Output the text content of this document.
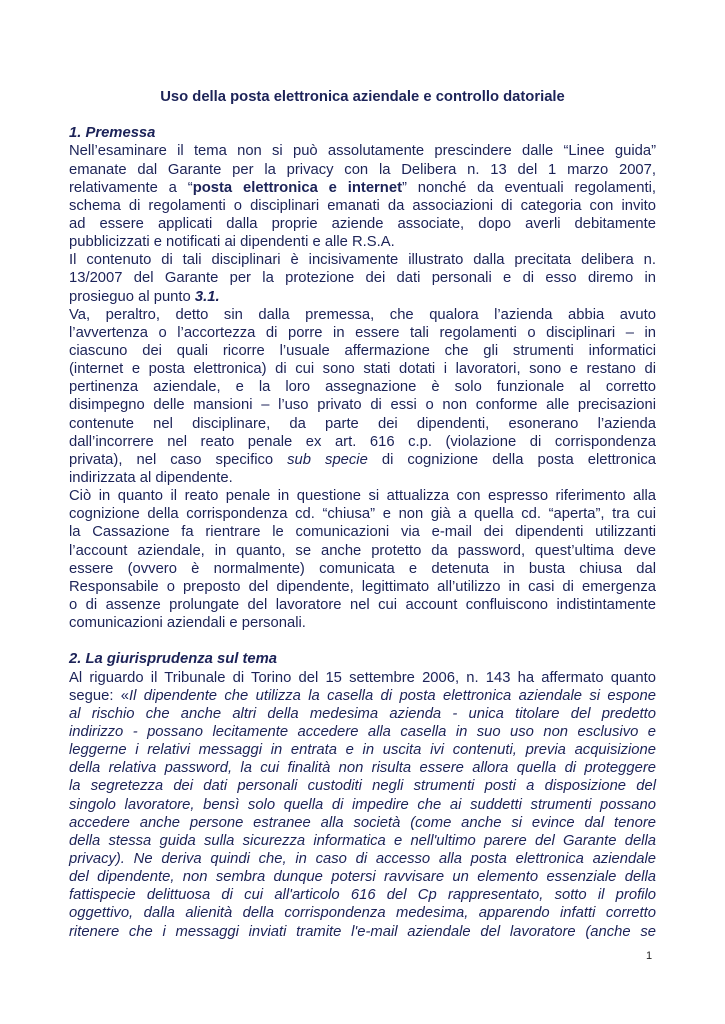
Uso della posta elettronica aziendale e controllo datoriale
1. Premessa
Nell’esaminare il tema non si può assolutamente prescindere dalle “Linee guida”
emanate dal Garante per la privacy con la Delibera n. 13 del 1 marzo 2007,
relativamente a “posta elettronica e internet” nonché da eventuali regolamenti,
schema di regolamenti o disciplinari emanati da associazioni di categoria con invito
ad essere applicati dalla proprie aziende associate, dopo averli debitamente
pubblicizzati e notificati ai dipendenti e alle R.S.A.
Il contenuto di tali disciplinari è incisivamente illustrato dalla precitata delibera n.
13/2007 del Garante per la protezione dei dati personali e di esso diremo in
prosieguo al punto 3.1.
Va, peraltro, detto sin dalla premessa, che qualora l’azienda abbia avuto
l’avvertenza o l’accortezza di porre in essere tali regolamenti o disciplinari – in
ciascuno dei quali ricorre l’usuale affermazione che gli strumenti informatici
(internet e posta elettronica) di cui sono stati dotati i lavoratori, sono e restano di
pertinenza aziendale, e la loro assegnazione è solo funzionale al corretto
disimpegno delle mansioni – l’uso privato di essi o non conforme alle precisazioni
contenute nel disciplinare, da parte dei dipendenti, esonerano l’azienda
dall’incorrere nel reato penale ex art. 616 c.p. (violazione di corrispondenza
privata), nel caso specifico sub specie di cognizione della posta elettronica
indirizzata al dipendente.
Ciò in quanto il reato penale in questione si attualizza con espresso riferimento alla
cognizione della corrispondenza cd. “chiusa” e non già a quella cd. “aperta”, tra cui
la Cassazione fa rientrare le comunicazioni via e-mail dei dipendenti utilizzanti
l’account aziendale, in quanto, se anche protetto da password, quest’ultima deve
essere (ovvero è normalmente) comunicata e detenuta in busta chiusa dal
Responsabile o preposto del dipendente, legittimato all’utilizzo in casi di emergenza
o di assenze prolungate del lavoratore nel cui account confluiscono indistintamente
comunicazioni aziendali e personali.
2. La giurisprudenza sul tema
Al riguardo il Tribunale di Torino del 15 settembre 2006, n. 143 ha affermato quanto
segue: «Il dipendente che utilizza la casella di posta elettronica aziendale si espone
al rischio che anche altri della medesima azienda - unica titolare del predetto
indirizzo - possano lecitamente accedere alla casella in suo uso non esclusivo e
leggerne i relativi messaggi in entrata e in uscita ivi contenuti, previa acquisizione
della relativa password, la cui finalità non risulta essere allora quella di proteggere
la segretezza dei dati personali custoditi negli strumenti posti a disposizione del
singolo lavoratore, bensì solo quella di impedire che ai suddetti strumenti possano
accedere anche persone estranee alla società (come anche si evince dal tenore
della stessa guida sulla sicurezza informatica e nell'ultimo parere del Garante della
privacy). Ne deriva quindi che, in caso di accesso alla posta elettronica aziendale
del dipendente, non sembra dunque potersi ravvisare un elemento essenziale della
fattispecie delittuosa di cui all'articolo 616 del Cp rappresentato, sotto il profilo
oggettivo, dalla alienità della corrispondenza medesima, apparendo infatti corretto
ritenere che i messaggi inviati tramite l'e-mail aziendale del lavoratore (anche se
1
